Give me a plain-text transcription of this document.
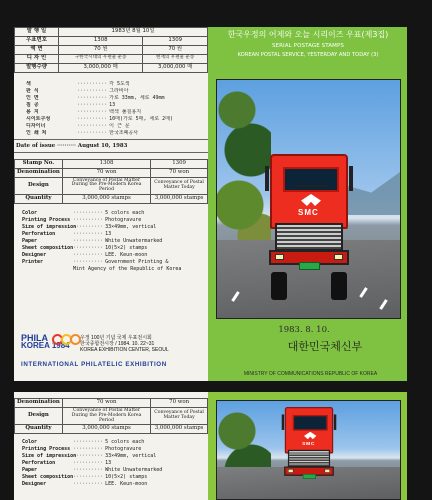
발 행 일	1983년 8월 10일	
우표번호	1308	1309
액 면	70 원	70 원
디 자 인	구한국시대의 우편물 운송	현재의 우편물 운송
발행수량	3,000,000 매	3,000,000 매
색	····· 각 5도색
판 식	····· 그라비아
인 면	····· 가로 33mm, 세로 49mm
침 공	····· 13
용 지	····· 백색 풀칠용지
시이트구성	····· 10매(가로 5매, 세로 2매)
디자이너	····· 이 근 문
인 쇄 처	····· 한국조폐공사
Date of issue	····· August 10, 1983
Stamp No.	1308	1309
Denomination	70 won	70 won
Design	Conveyance of Postal Matter During the Pre-Modern Korea Period	Conveyance of Postal Matter Today
Quantity	3,000,000 stamps	3,000,000 stamps
Color	····· 5 colors each
Printing Process	····· Photogravure
Size of impression	····· 33×49mm, vertical
Perforation	····· 13
Paper	····· White Unwatermarked
Sheet composition	····· 10(5×2) stamps
Designer	····· LEE. Keun-moon
Printer	····· Government Printing & Mint Agency of the Republic of Korea
PHILA
KOREA 1984
우정 100년 기념 국제 우표전시회
한국종합전시장 / 1984. 10. 22~31
KOREA EXHIBITION CENTER, SEOUL
INTERNATIONAL PHILATELIC EXHIBITION
한국우정의 어제와 오늘 시리이즈 우표(제3집)
SERIAL POSTAGE STAMPS
KOREAN POSTAL SERVICE, YESTERDAY AND TODAY (3)
SMC
1983. 8. 10.
대한민국체신부
MINISTRY OF COMMUNICATIONS REPUBLIC OF KOREA
Denomination	70 won	70 won
Design	Conveyance of Postal Matter During the Pre-Modern Korea Period	Conveyance of Postal Matter Today
Quantity	3,000,000 stamps	3,000,000 stamps
Color	····· 5 colors each
Printing Process	····· Photogravure
Size of impression	····· 33×49mm, vertical
Perforation	····· 13
Paper	····· White Unwatermarked
Sheet composition	····· 10(5×2) stamps
Designer	····· LEE. Keun-moon
SMC
